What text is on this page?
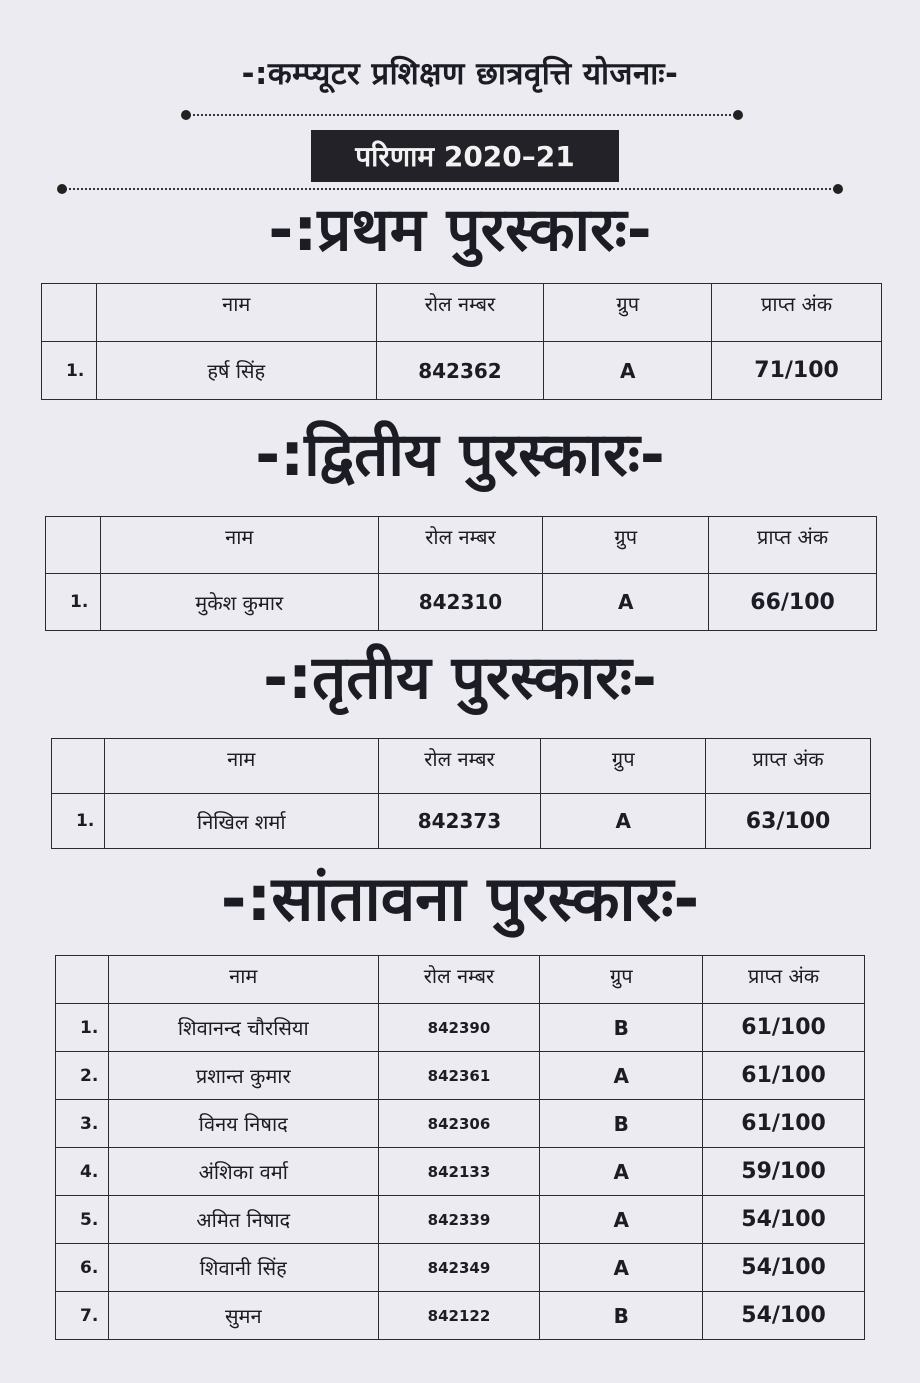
-:कम्प्यूटर प्रशिक्षण छात्रवृत्ति योजनाः-
परिणाम 2020–21
-:प्रथम पुरस्कारः-
	नाम	रोल नम्बर	ग्रुप	प्राप्त अंक
1.	हर्ष सिंह	842362	A	71/100
-:द्वितीय पुरस्कारः-
	नाम	रोल नम्बर	ग्रुप	प्राप्त अंक
1.	मुकेश कुमार	842310	A	66/100
-:तृतीय पुरस्कारः-
	नाम	रोल नम्बर	ग्रुप	प्राप्त अंक
1.	निखिल शर्मा	842373	A	63/100
-:सांतावना पुरस्कारः-
	नाम	रोल नम्बर	ग्रुप	प्राप्त अंक
1.	शिवानन्द चौरसिया	842390	B	61/100
2.	प्रशान्त कुमार	842361	A	61/100
3.	विनय निषाद	842306	B	61/100
4.	अंशिका वर्मा	842133	A	59/100
5.	अमित निषाद	842339	A	54/100
6.	शिवानी सिंह	842349	A	54/100
7.	सुमन	842122	B	54/100
